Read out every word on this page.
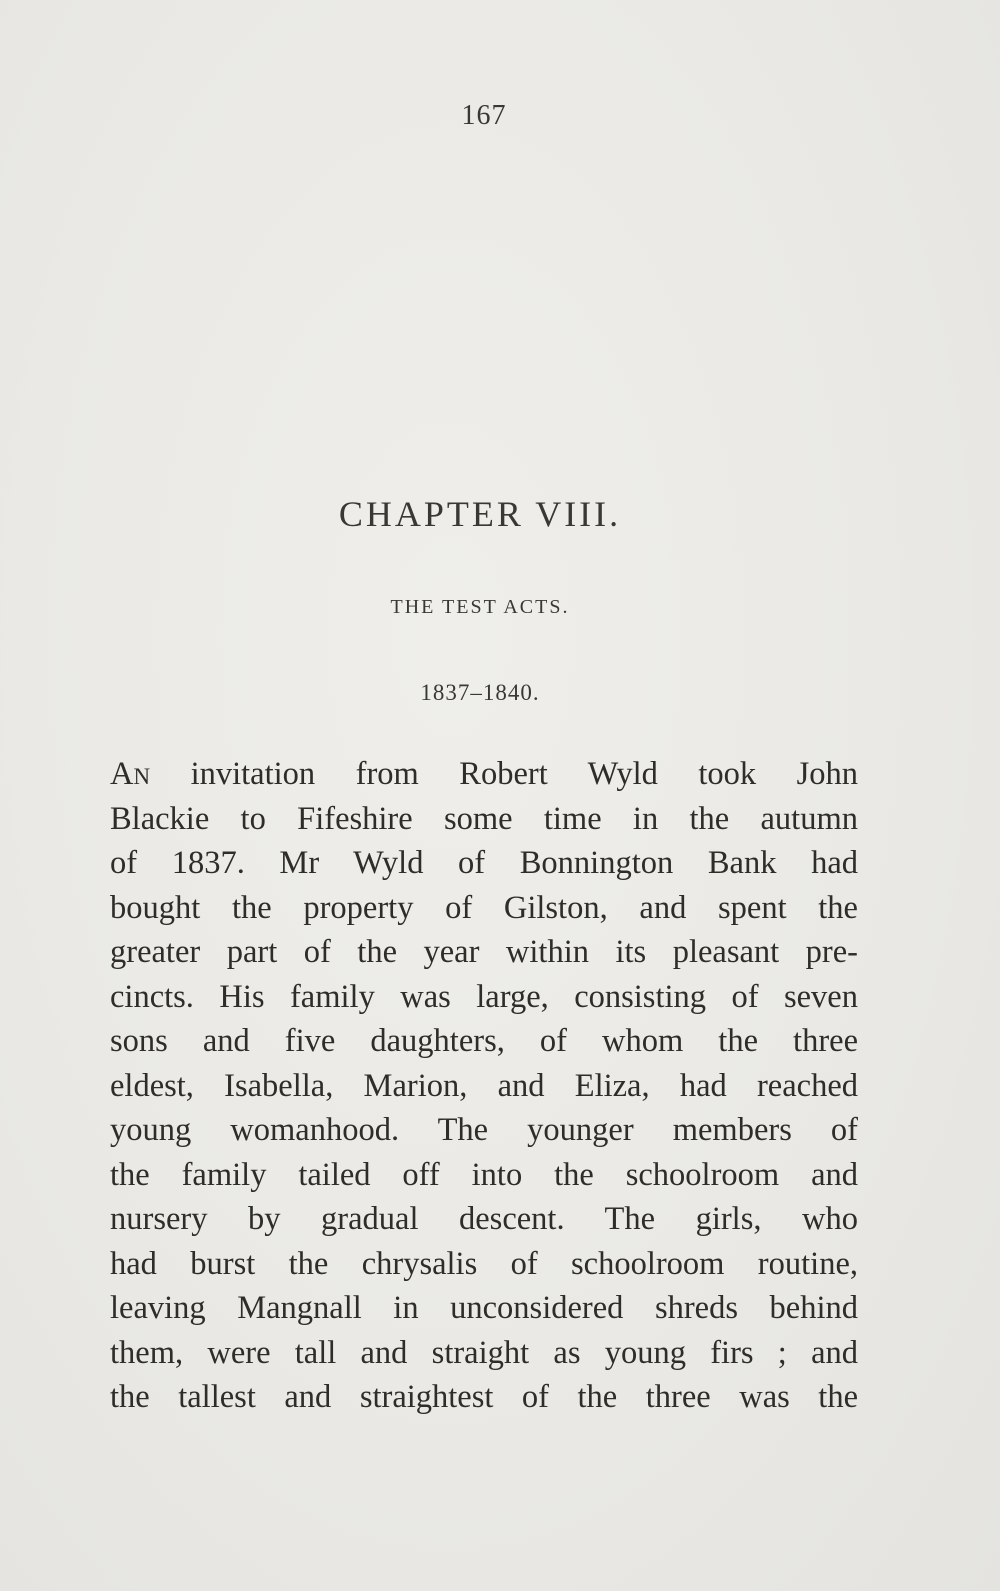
167
CHAPTER VIII.
THE TEST ACTS.
1837–1840.
An invitation from Robert Wyld took John
Blackie to Fifeshire some time in the autumn
of 1837. Mr Wyld of Bonnington Bank had
bought the property of Gilston, and spent the
greater part of the year within its pleasant pre-
cincts. His family was large, consisting of seven
sons and five daughters, of whom the three
eldest, Isabella, Marion, and Eliza, had reached
young womanhood. The younger members of
the family tailed off into the schoolroom and
nursery by gradual descent. The girls, who
had burst the chrysalis of schoolroom routine,
leaving Mangnall in unconsidered shreds behind
them, were tall and straight as young firs ; and
the tallest and straightest of the three was the
